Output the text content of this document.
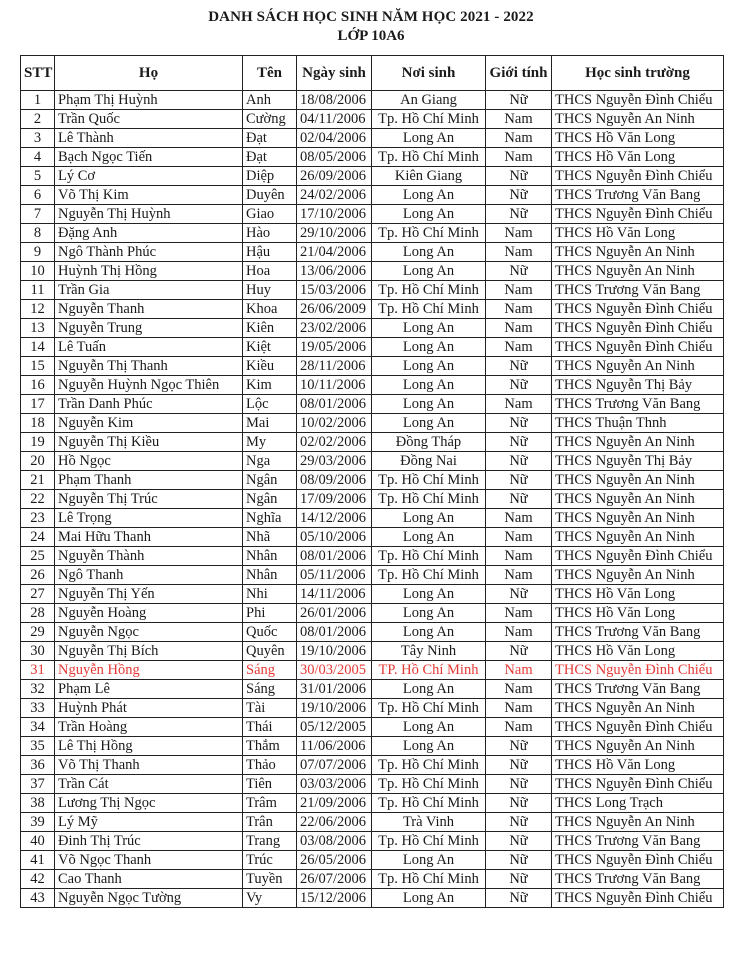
DANH SÁCH HỌC SINH NĂM HỌC 2021 - 2022
LỚP 10A6
STT	Họ	Tên	Ngày sinh	Nơi sinh	Giới tính	Học sinh trường
1	Phạm Thị Huỳnh	Anh	18/08/2006	An Giang	Nữ	THCS Nguyễn Đình Chiểu
2	Trần Quốc	Cường	04/11/2006	Tp. Hồ Chí Minh	Nam	THCS Nguyễn An Ninh
3	Lê Thành	Đạt	02/04/2006	Long An	Nam	THCS Hồ Văn Long
4	Bạch Ngọc Tiến	Đạt	08/05/2006	Tp. Hồ Chí Minh	Nam	THCS Hồ Văn Long
5	Lý Cơ	Diệp	26/09/2006	Kiên Giang	Nữ	THCS Nguyễn Đình Chiểu
6	Võ Thị Kim	Duyên	24/02/2006	Long An	Nữ	THCS Trương Văn Bang
7	Nguyễn Thị Huỳnh	Giao	17/10/2006	Long An	Nữ	THCS Nguyễn Đình Chiểu
8	Đặng Anh	Hào	29/10/2006	Tp. Hồ Chí Minh	Nam	THCS Hồ Văn Long
9	Ngô Thành Phúc	Hậu	21/04/2006	Long An	Nam	THCS Nguyễn An Ninh
10	Huỳnh Thị Hồng	Hoa	13/06/2006	Long An	Nữ	THCS Nguyễn An Ninh
11	Trần Gia	Huy	15/03/2006	Tp. Hồ Chí Minh	Nam	THCS Trương Văn Bang
12	Nguyễn Thanh	Khoa	26/06/2009	Tp. Hồ Chí Minh	Nam	THCS Nguyễn Đình Chiểu
13	Nguyễn Trung	Kiên	23/02/2006	Long An	Nam	THCS Nguyễn Đình Chiểu
14	Lê Tuấn	Kiệt	19/05/2006	Long An	Nam	THCS Nguyễn Đình Chiểu
15	Nguyễn Thị Thanh	Kiều	28/11/2006	Long An	Nữ	THCS Nguyễn An Ninh
16	Nguyễn Huỳnh Ngọc Thiên	Kim	10/11/2006	Long An	Nữ	THCS Nguyễn Thị Bảy
17	Trần Danh Phúc	Lộc	08/01/2006	Long An	Nam	THCS Trương Văn Bang
18	Nguyễn Kim	Mai	10/02/2006	Long An	Nữ	THCS Thuận Thnh
19	Nguyễn Thị Kiều	My	02/02/2006	Đồng Tháp	Nữ	THCS Nguyễn An Ninh
20	Hồ Ngọc	Nga	29/03/2006	Đồng Nai	Nữ	THCS Nguyễn Thị Bảy
21	Phạm Thanh	Ngân	08/09/2006	Tp. Hồ Chí Minh	Nữ	THCS Nguyễn An Ninh
22	Nguyễn Thị Trúc	Ngân	17/09/2006	Tp. Hồ Chí Minh	Nữ	THCS Nguyễn An Ninh
23	Lê Trọng	Nghĩa	14/12/2006	Long An	Nam	THCS Nguyễn An Ninh
24	Mai Hữu Thanh	Nhã	05/10/2006	Long An	Nam	THCS Nguyễn An Ninh
25	Nguyễn Thành	Nhân	08/01/2006	Tp. Hồ Chí Minh	Nam	THCS Nguyễn Đình Chiểu
26	Ngô Thanh	Nhân	05/11/2006	Tp. Hồ Chí Minh	Nam	THCS Nguyễn An Ninh
27	Nguyễn Thị Yến	Nhi	14/11/2006	Long An	Nữ	THCS Hồ Văn Long
28	Nguyễn Hoàng	Phi	26/01/2006	Long An	Nam	THCS Hồ Văn Long
29	Nguyễn Ngọc	Quốc	08/01/2006	Long An	Nam	THCS Trương Văn Bang
30	Nguyễn Thị Bích	Quyên	19/10/2006	Tây Ninh	Nữ	THCS Hồ Văn Long
31	Nguyễn Hồng	Sáng	30/03/2005	TP. Hồ Chí Minh	Nam	THCS Nguyễn Đình Chiểu
32	Phạm Lê	Sáng	31/01/2006	Long An	Nam	THCS Trương Văn Bang
33	Huỳnh Phát	Tài	19/10/2006	Tp. Hồ Chí Minh	Nam	THCS Nguyễn An Ninh
34	Trần Hoàng	Thái	05/12/2005	Long An	Nam	THCS Nguyễn Đình Chiểu
35	Lê Thị Hồng	Thắm	11/06/2006	Long An	Nữ	THCS Nguyễn An Ninh
36	Võ Thị Thanh	Thảo	07/07/2006	Tp. Hồ Chí Minh	Nữ	THCS Hồ Văn Long
37	Trần Cát	Tiên	03/03/2006	Tp. Hồ Chí Minh	Nữ	THCS Nguyễn Đình Chiểu
38	Lương Thị Ngọc	Trâm	21/09/2006	Tp. Hồ Chí Minh	Nữ	THCS Long Trạch
39	Lý Mỹ	Trân	22/06/2006	Trà Vinh	Nữ	THCS Nguyễn An Ninh
40	Đinh Thị Trúc	Trang	03/08/2006	Tp. Hồ Chí Minh	Nữ	THCS Trương Văn Bang
41	Võ Ngọc Thanh	Trúc	26/05/2006	Long An	Nữ	THCS Nguyễn Đình Chiểu
42	Cao Thanh	Tuyền	26/07/2006	Tp. Hồ Chí Minh	Nữ	THCS Trương Văn Bang
43	Nguyễn Ngọc Tường	Vy	15/12/2006	Long An	Nữ	THCS Nguyễn Đình Chiểu
